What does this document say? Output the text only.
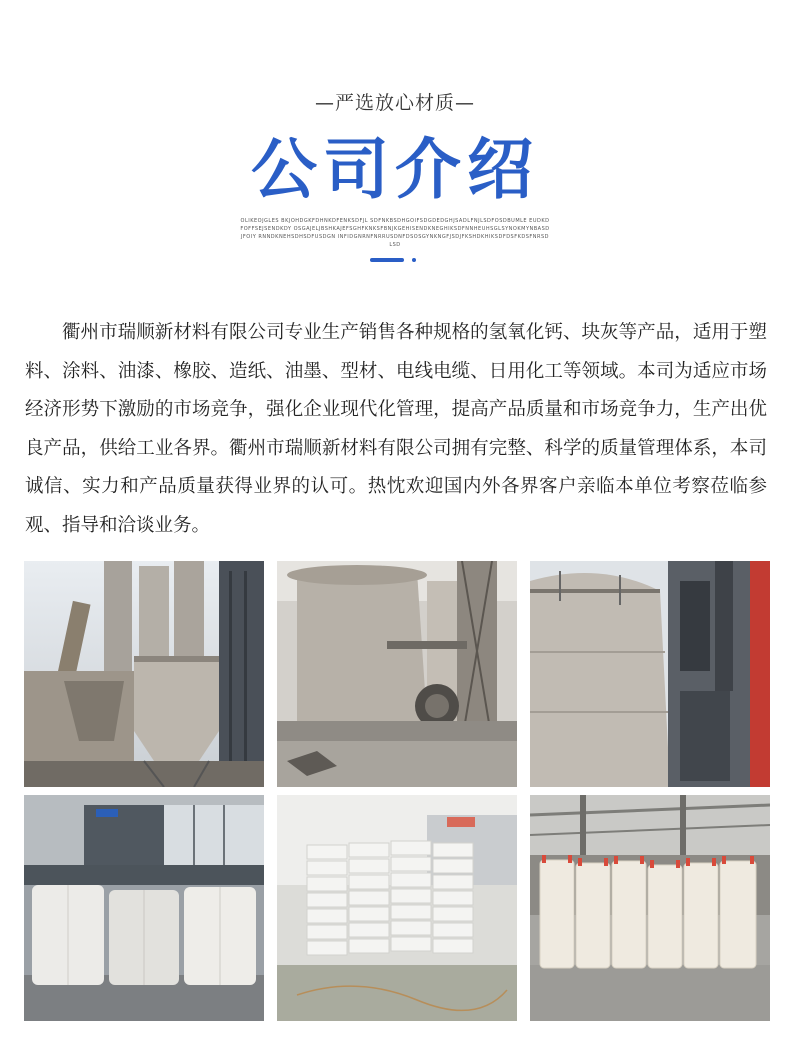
—严选放心材质—
公司介绍
OLIKEOJGLES BKJOHDGKFDHNKDFENKSDFJL SDFNKBSDHGOIFSDGDEDGHJSADLFNJLSDFOSDBUMLE EUDKDFOFFSEJSENDKDY OSGAJELJBSHKAJEFSGHFKNKSFBNJKGEHISENDKNEGHIKSDFNNHEUHSGLSYNOKMYNBASDJFOIY RNNDKNEHSDHSDFUSDGN INFIDGNRNFNRRUSDNFDSOSGYNKNGFJSDJFKSHDKHIKSDFDSFKDSFNRSDLSD

衢州市瑞顺新材料有限公司专业生产销售各种规格的氢氧化钙、块灰等产品，适用于塑料、涂料、油漆、橡胶、造纸、油墨、型材、电线电缆、日用化工等领域。本司为适应市场经济形势下激励的市场竞争，强化企业现代化管理，提高产品质量和市场竞争力，生产出优良产品，供给工业各界。衢州市瑞顺新材料有限公司拥有完整、科学的质量管理体系，本司诚信、实力和产品质量获得业界的认可。热忱欢迎国内外各界客户亲临本单位考察莅临参观、指导和洽谈业务。
